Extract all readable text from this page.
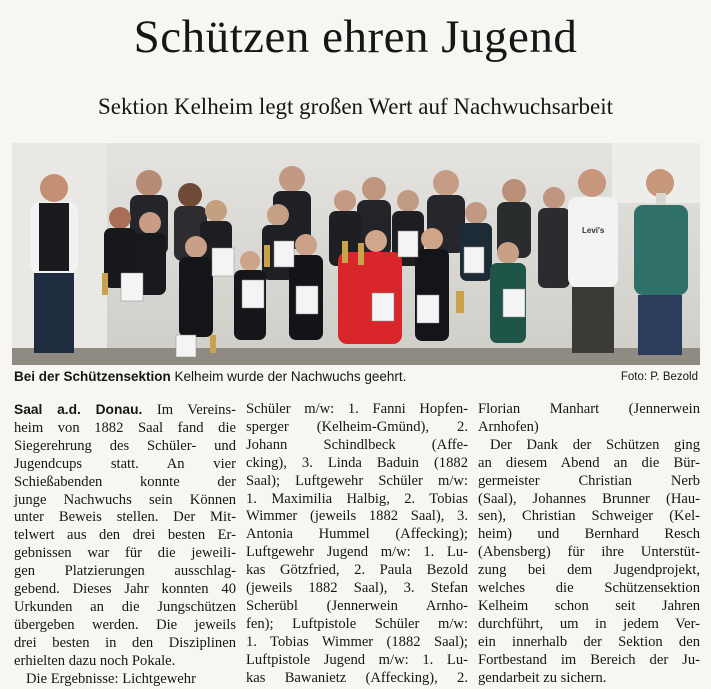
Schützen ehren Jugend
Sektion Kelheim legt großen Wert auf Nachwuchsarbeit
Levi's
Bei der Schützensektion Kelheim wurde der Nachwuchs geehrt.	Foto: P. Bezold
Saal a.d. Donau. Im Vereins-
heim von 1882 Saal fand die
Siegerehrung des Schüler- und
Jugendcups statt. An vier
Schießabenden konnte der
junge Nachwuchs sein Können
unter Beweis stellen. Der Mit-
telwert aus den drei besten Er-
gebnissen war für die jeweili-
gen Platzierungen ausschlag-
gebend. Dieses Jahr konnten 40
Urkunden an die Jungschützen
übergeben werden. Die jeweils
drei besten in den Disziplinen
erhielten dazu noch Pokale.
Die Ergebnisse: Lichtgewehr
Schüler m/w: 1. Fanni Hopfen-
sperger (Kelheim-Gmünd), 2.
Johann Schindlbeck (Affe-
cking), 3. Linda Baduin (1882
Saal); Luftgewehr Schüler m/w:
1. Maximilia Halbig, 2. Tobias
Wimmer (jeweils 1882 Saal), 3.
Antonia Hummel (Affecking);
Luftgewehr Jugend m/w: 1. Lu-
kas Götzfried, 2. Paula Bezold
(jeweils 1882 Saal), 3. Stefan
Scherübl (Jennerwein Arnho-
fen); Luftpistole Schüler m/w:
1. Tobias Wimmer (1882 Saal);
Luftpistole Jugend m/w: 1. Lu-
kas Bawanietz (Affecking), 2.
Florian Manhart (Jennerwein
Arnhofen)
Der Dank der Schützen ging
an diesem Abend an die Bür-
germeister Christian Nerb
(Saal), Johannes Brunner (Hau-
sen), Christian Schweiger (Kel-
heim) und Bernhard Resch
(Abensberg) für ihre Unterstüt-
zung bei dem Jugendprojekt,
welches die Schützensektion
Kelheim schon seit Jahren
durchführt, um in jedem Ver-
ein innerhalb der Sektion den
Fortbestand im Bereich der Ju-
gendarbeit zu sichern.
